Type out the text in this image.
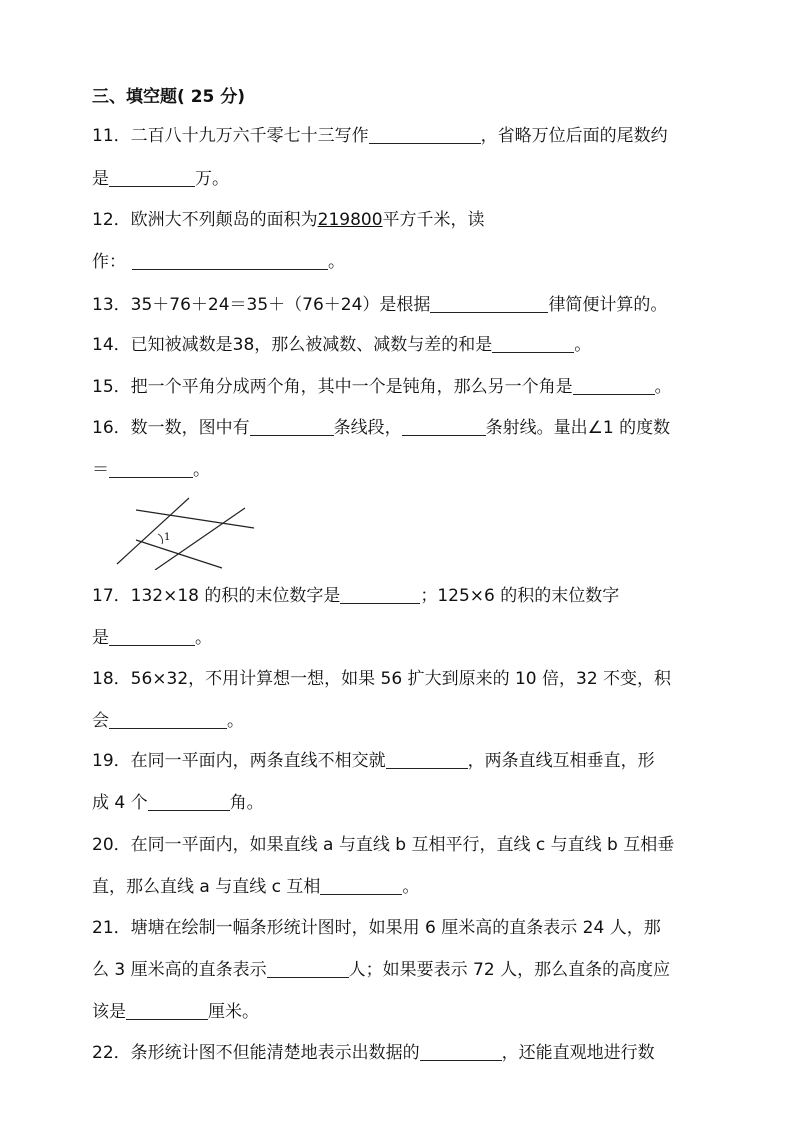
三、填空题( 25 分)
11．二百八十九万六千零七十三写作	，省略万位后面的尾数约
是	万。
12．欧洲大不列颠岛的面积为219800平方千米，读
作：	。
13．35＋76＋24＝35＋（76＋24）是根据	律简便计算的。
14．已知被减数是38，那么被减数、减数与差的和是	。
15．把一个平角分成两个角，其中一个是钝角，那么另一个角是	。
16．数一数，图中有	条线段，	条射线。量出∠1 的度数
＝	。
1
17．132×18 的积的末位数字是	；125×6 的积的末位数字
是	。
18．56×32，不用计算想一想，如果 56 扩大到原来的 10 倍，32 不变，积
会	。
19．在同一平面内，两条直线不相交就	，两条直线互相垂直，形
成 4 个	角。
20．在同一平面内，如果直线 a 与直线 b 互相平行，直线 c 与直线 b 互相垂
直，那么直线 a 与直线 c 互相	。
21．塘塘在绘制一幅条形统计图时，如果用 6 厘米高的直条表示 24 人，那
么 3 厘米高的直条表示	人；如果要表示 72 人，那么直条的高度应
该是	厘米。
22．条形统计图不但能清楚地表示出数据的	，还能直观地进行数
